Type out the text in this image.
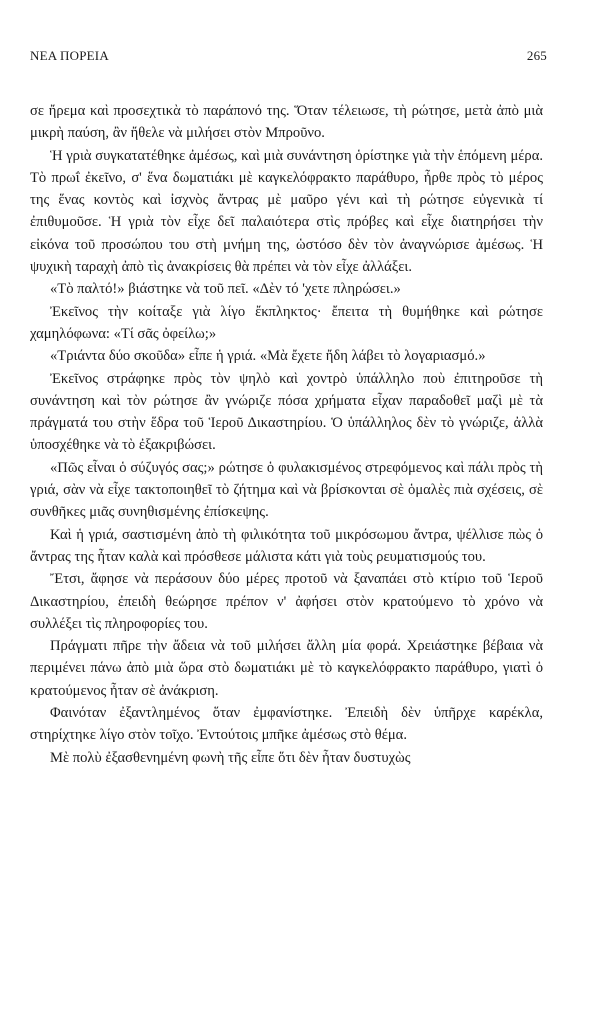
ΝΕΑ ΠΟΡΕΙΑ	265

σε ἤρεμα καὶ προσεχτικὰ τὸ παράπονό της. Ὅταν τέλειωσε, τὴ ρώτησε, μετὰ ἀπὸ μιὰ μικρὴ παύση, ἂν ἤθελε νὰ μιλήσει στὸν Μπροῦνο.

Ἡ γριὰ συγκατατέθηκε ἀμέσως, καὶ μιὰ συνάντηση ὁρίστηκε γιὰ τὴν ἑπόμενη μέρα. Τὸ πρωΐ ἐκεῖνο, σ' ἕνα δωματιάκι μὲ καγκελόφρακτο παράθυρο, ἦρθε πρὸς τὸ μέρος της ἕνας κοντὸς καὶ ἰσχνὸς ἄντρας μὲ μαῦρο γένι καὶ τὴ ρώτησε εὐγενικὰ τί ἐπιθυμοῦσε. Ἡ γριὰ τὸν εἶχε δεῖ παλαιότερα στὶς πρόβες καὶ εἶχε διατηρήσει τὴν εἰκόνα τοῦ προσώπου του στὴ μνήμη της, ὡστόσο δὲν τὸν ἀναγνώρισε ἀμέσως. Ἡ ψυχικὴ ταραχὴ ἀπὸ τὶς ἀνακρίσεις θὰ πρέπει νὰ τὸν εἶχε ἀλλάξει.

«Τὸ παλτό!» βιάστηκε νὰ τοῦ πεῖ. «Δὲν τό 'χετε πληρώσει.»

Ἐκεῖνος τὴν κοίταξε γιὰ λίγο ἔκπληκτος· ἔπειτα τὴ θυμήθηκε καὶ ρώτησε χαμηλόφωνα: «Τί σᾶς ὀφείλω;»

«Τριάντα δύο σκοῦδα» εἶπε ἡ γριά. «Μὰ ἔχετε ἤδη λάβει τὸ λογαριασμό.»

Ἐκεῖνος στράφηκε πρὸς τὸν ψηλὸ καὶ χοντρὸ ὑπάλληλο ποὺ ἐπιτηροῦσε τὴ συνάντηση καὶ τὸν ρώτησε ἂν γνώριζε πόσα χρήματα εἶχαν παραδοθεῖ μαζὶ μὲ τὰ πράγματά του στὴν ἕδρα τοῦ Ἱεροῦ Δικαστηρίου. Ὁ ὑπάλληλος δὲν τὸ γνώριζε, ἀλλὰ ὑποσχέθηκε νὰ τὸ ἐξακριβώσει.

«Πῶς εἶναι ὁ σύζυγός σας;» ρώτησε ὁ φυλακισμένος στρεφόμενος καὶ πάλι πρὸς τὴ γριά, σὰν νὰ εἶχε τακτοποιηθεῖ τὸ ζήτημα καὶ νὰ βρίσκονται σὲ ὁμαλὲς πιὰ σχέσεις, σὲ συνθῆκες μιᾶς συνηθισμένης ἐπίσκεψης.

Καὶ ἡ γριά, σαστισμένη ἀπὸ τὴ φιλικότητα τοῦ μικρόσωμου ἄντρα, ψέλλισε πὼς ὁ ἄντρας της ἦταν καλὰ καὶ πρόσθεσε μάλιστα κάτι γιὰ τοὺς ρευματισμούς του.

Ἔτσι, ἄφησε νὰ περάσουν δύο μέρες προτοῦ νὰ ξαναπάει στὸ κτίριο τοῦ Ἱεροῦ Δικαστηρίου, ἐπειδὴ θεώρησε πρέπον ν' ἀφήσει στὸν κρατούμενο τὸ χρόνο νὰ συλλέξει τὶς πληροφορίες του.

Πράγματι πῆρε τὴν ἄδεια νὰ τοῦ μιλήσει ἄλλη μία φορά. Χρειάστηκε βέβαια νὰ περιμένει πάνω ἀπὸ μιὰ ὥρα στὸ δωματιάκι μὲ τὸ καγκελόφρακτο παράθυρο, γιατὶ ὁ κρατούμενος ἦταν σὲ ἀνάκριση.

Φαινόταν ἐξαντλημένος ὅταν ἐμφανίστηκε. Ἐπειδὴ δὲν ὑπῆρχε καρέκλα, στηρίχτηκε λίγο στὸν τοῖχο. Ἐντούτοις μπῆκε ἀμέσως στὸ θέμα.

Μὲ πολὺ ἐξασθενημένη φωνὴ τῆς εἶπε ὅτι δὲν ἦταν δυστυχὼς
